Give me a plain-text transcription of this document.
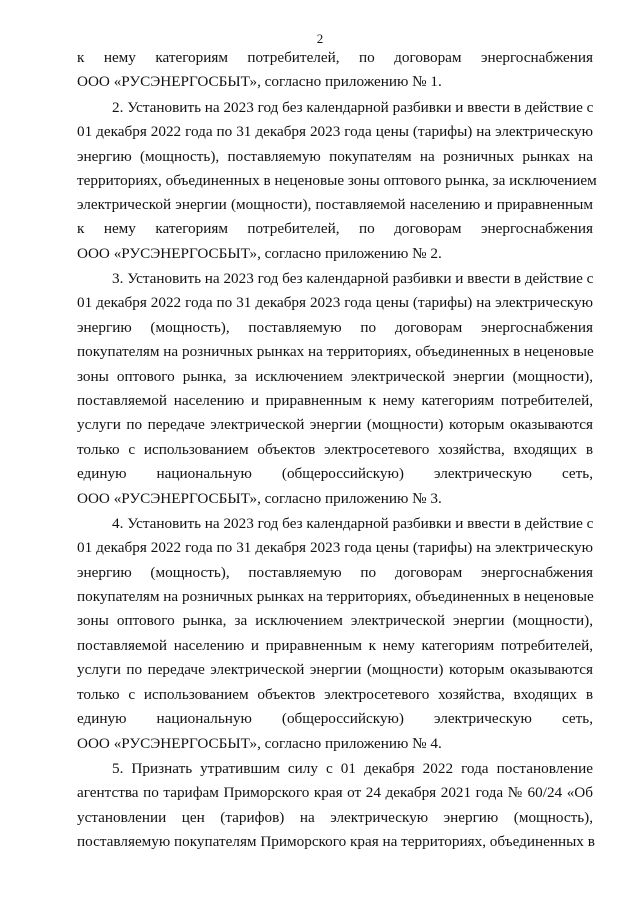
2
к нему категориям потребителей, по договорам энергоснабжения
ООО «РУСЭНЕРГОСБЫТ», согласно приложению № 1.
2. Установить на 2023 год без календарной разбивки и ввести в действие с
01 декабря 2022 года по 31 декабря 2023 года цены (тарифы) на электрическую
энергию (мощность), поставляемую покупателям на розничных рынках на
территориях, объединенных в неценовые зоны оптового рынка, за исключением
электрической энергии (мощности), поставляемой населению и приравненным
к нему категориям потребителей, по договорам энергоснабжения
ООО «РУСЭНЕРГОСБЫТ», согласно приложению № 2.
3. Установить на 2023 год без календарной разбивки и ввести в действие с
01 декабря 2022 года по 31 декабря 2023 года цены (тарифы) на электрическую
энергию (мощность), поставляемую по договорам энергоснабжения
покупателям на розничных рынках на территориях, объединенных в неценовые
зоны оптового рынка, за исключением электрической энергии (мощности),
поставляемой населению и приравненным к нему категориям потребителей,
услуги по передаче электрической энергии (мощности) которым оказываются
только с использованием объектов электросетевого хозяйства, входящих в
единую национальную (общероссийскую) электрическую сеть,
ООО «РУСЭНЕРГОСБЫТ», согласно приложению № 3.
4. Установить на 2023 год без календарной разбивки и ввести в действие с
01 декабря 2022 года по 31 декабря 2023 года цены (тарифы) на электрическую
энергию (мощность), поставляемую по договорам энергоснабжения
покупателям на розничных рынках на территориях, объединенных в неценовые
зоны оптового рынка, за исключением электрической энергии (мощности),
поставляемой населению и приравненным к нему категориям потребителей,
услуги по передаче электрической энергии (мощности) которым оказываются
только с использованием объектов электросетевого хозяйства, входящих в
единую национальную (общероссийскую) электрическую сеть,
ООО «РУСЭНЕРГОСБЫТ», согласно приложению № 4.
5. Признать утратившим силу с 01 декабря 2022 года постановление
агентства по тарифам Приморского края от 24 декабря 2021 года № 60/24 «Об
установлении цен (тарифов) на электрическую энергию (мощность),
поставляемую покупателям Приморского края на территориях, объединенных в
